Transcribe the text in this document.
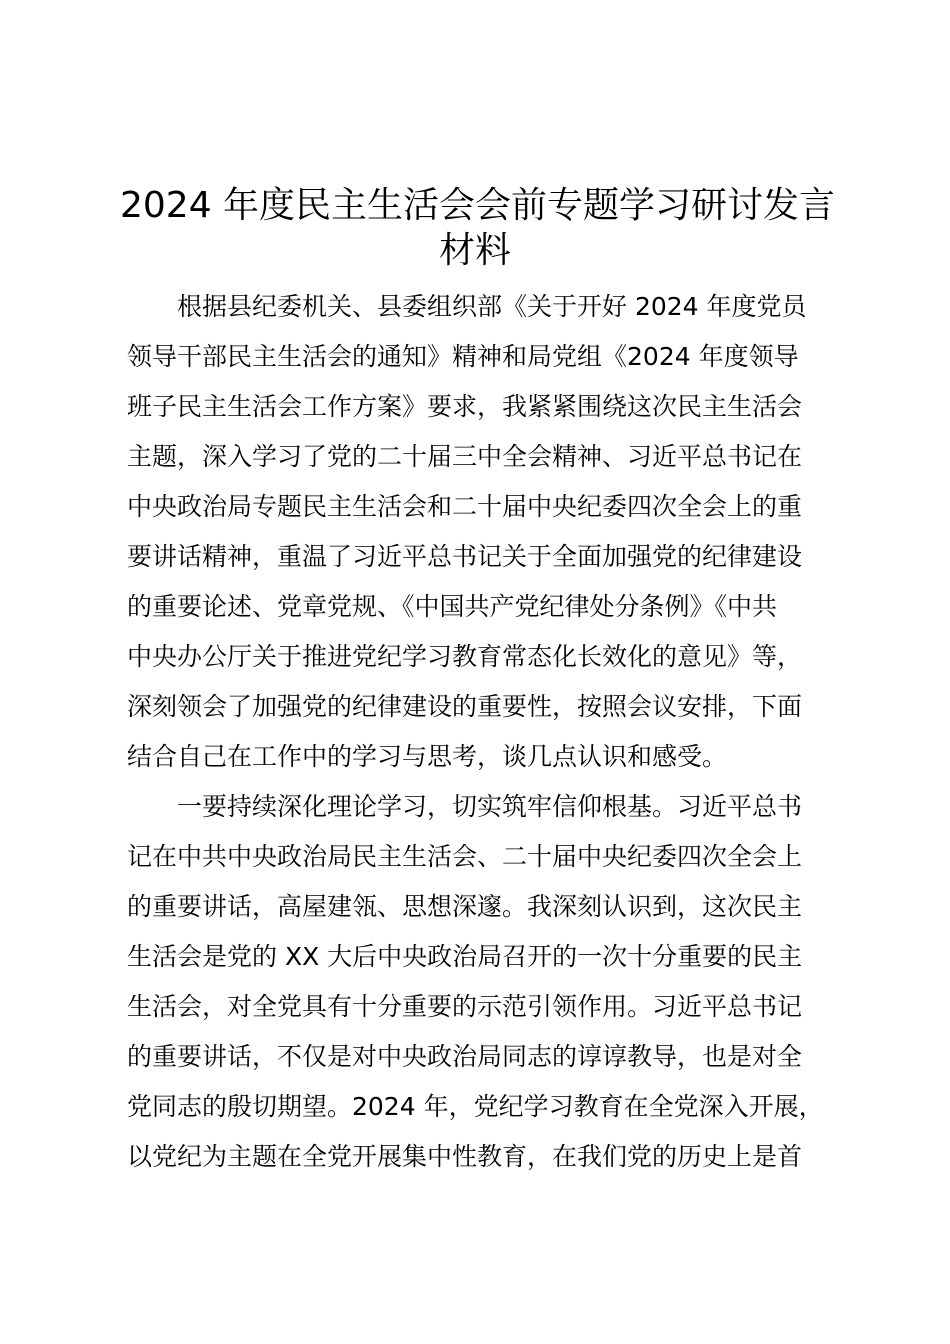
2024 年度民主生活会会前专题学习研讨发言
材料
根据县纪委机关、县委组织部《关于开好 2024 年度党员
领导干部民主生活会的通知》精神和局党组《2024 年度领导
班子民主生活会工作方案》要求，我紧紧围绕这次民主生活会
主题，深入学习了党的二十届三中全会精神、习近平总书记在
中央政治局专题民主生活会和二十届中央纪委四次全会上的重
要讲话精神，重温了习近平总书记关于全面加强党的纪律建设
的重要论述、党章党规、《中国共产党纪律处分条例》《中共
中央办公厅关于推进党纪学习教育常态化长效化的意见》等，
深刻领会了加强党的纪律建设的重要性，按照会议安排，下面
结合自己在工作中的学习与思考，谈几点认识和感受。
一要持续深化理论学习，切实筑牢信仰根基。习近平总书
记在中共中央政治局民主生活会、二十届中央纪委四次全会上
的重要讲话，高屋建瓴、思想深邃。我深刻认识到，这次民主
生活会是党的 XX 大后中央政治局召开的一次十分重要的民主
生活会，对全党具有十分重要的示范引领作用。习近平总书记
的重要讲话，不仅是对中央政治局同志的谆谆教导，也是对全
党同志的殷切期望。2024 年，党纪学习教育在全党深入开展，
以党纪为主题在全党开展集中性教育，在我们党的历史上是首
